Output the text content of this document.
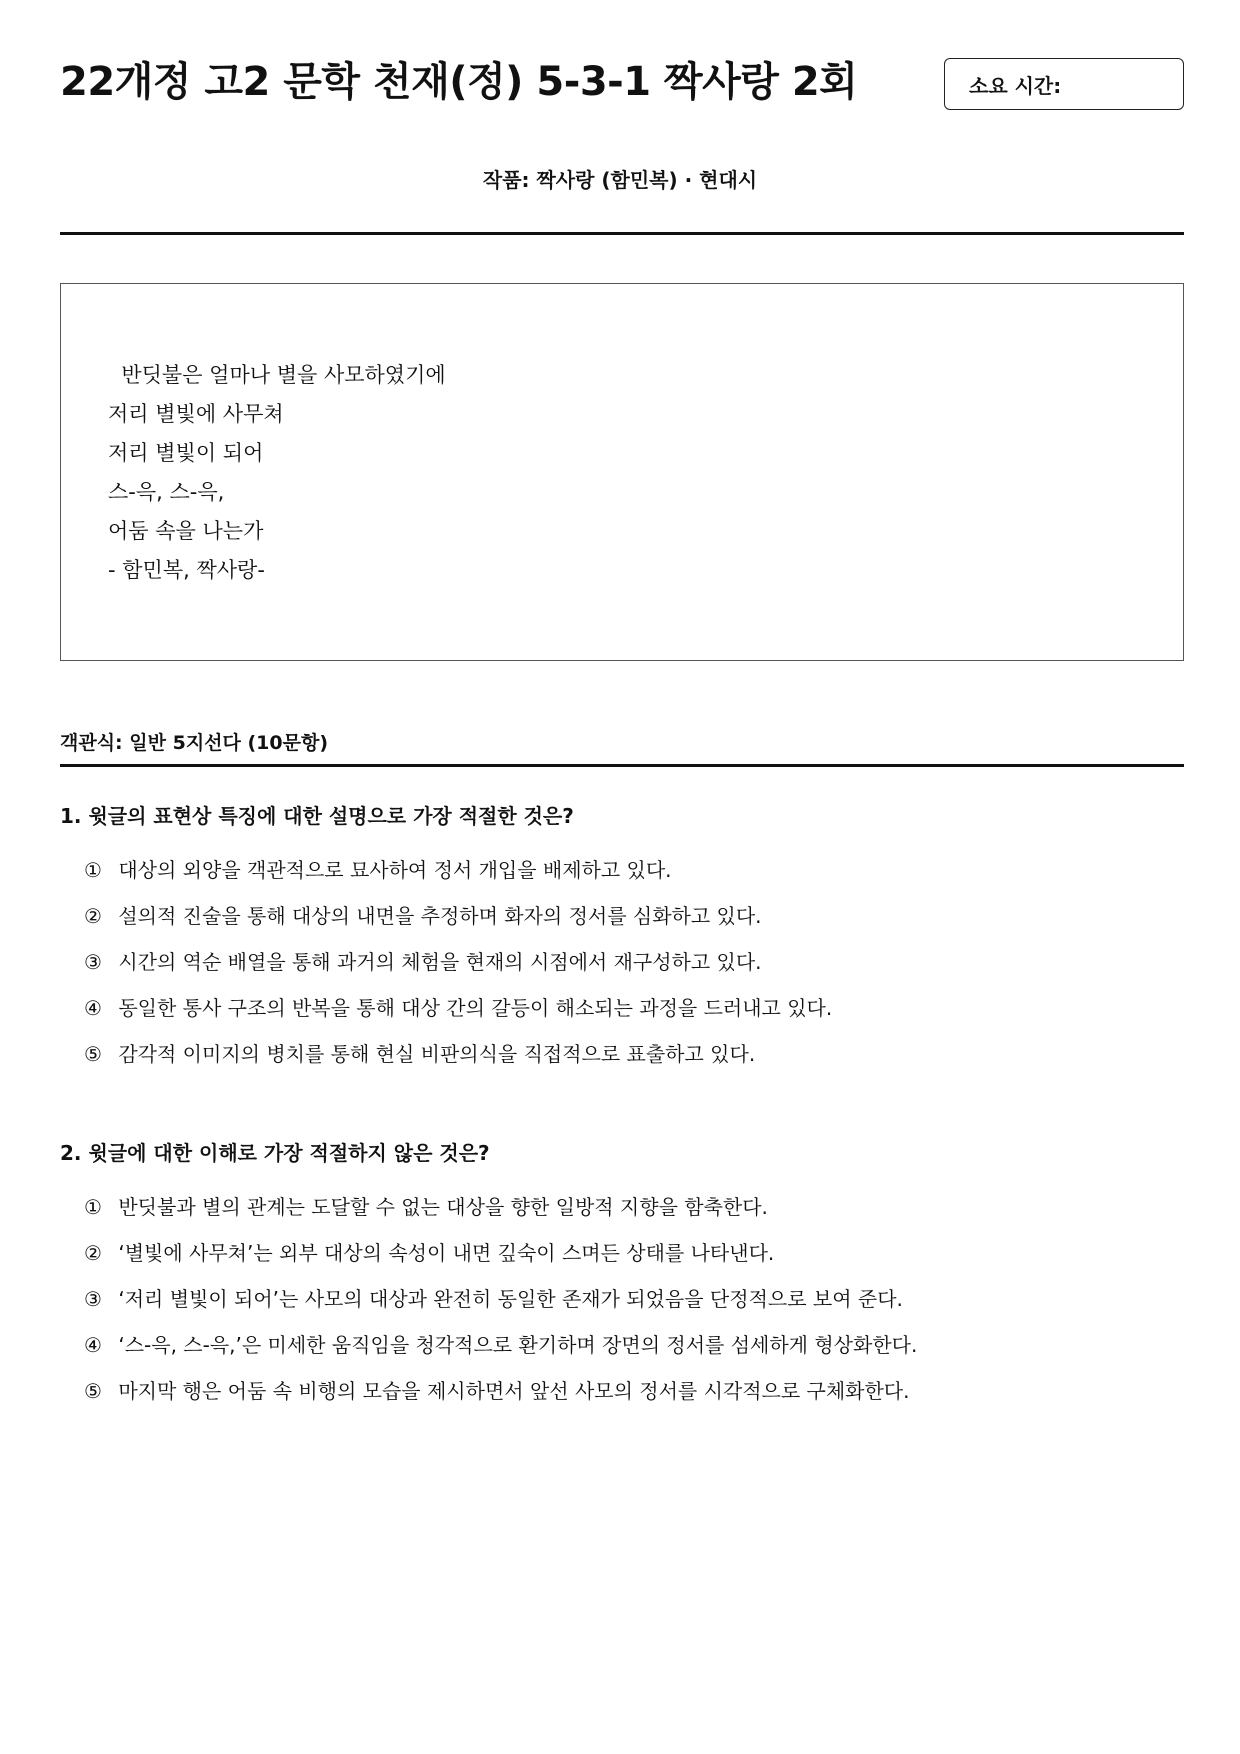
22개정 고2 문학 천재(정) 5-3-1 짝사랑 2회	소요 시간:
작품: 짝사랑 (함민복) · 현대시
반딧불은 얼마나 별을 사모하였기에
저리 별빛에 사무쳐
저리 별빛이 되어
스-윽, 스-윽,
어둠 속을 나는가
- 함민복, 짝사랑-
객관식: 일반 5지선다 (10문항)
1. 윗글의 표현상 특징에 대한 설명으로 가장 적절한 것은?
① 대상의 외양을 객관적으로 묘사하여 정서 개입을 배제하고 있다.
② 설의적 진술을 통해 대상의 내면을 추정하며 화자의 정서를 심화하고 있다.
③ 시간의 역순 배열을 통해 과거의 체험을 현재의 시점에서 재구성하고 있다.
④ 동일한 통사 구조의 반복을 통해 대상 간의 갈등이 해소되는 과정을 드러내고 있다.
⑤ 감각적 이미지의 병치를 통해 현실 비판의식을 직접적으로 표출하고 있다.
2. 윗글에 대한 이해로 가장 적절하지 않은 것은?
① 반딧불과 별의 관계는 도달할 수 없는 대상을 향한 일방적 지향을 함축한다.
② ‘별빛에 사무쳐’는 외부 대상의 속성이 내면 깊숙이 스며든 상태를 나타낸다.
③ ‘저리 별빛이 되어’는 사모의 대상과 완전히 동일한 존재가 되었음을 단정적으로 보여 준다.
④ ‘스-윽, 스-윽,’은 미세한 움직임을 청각적으로 환기하며 장면의 정서를 섬세하게 형상화한다.
⑤ 마지막 행은 어둠 속 비행의 모습을 제시하면서 앞선 사모의 정서를 시각적으로 구체화한다.
